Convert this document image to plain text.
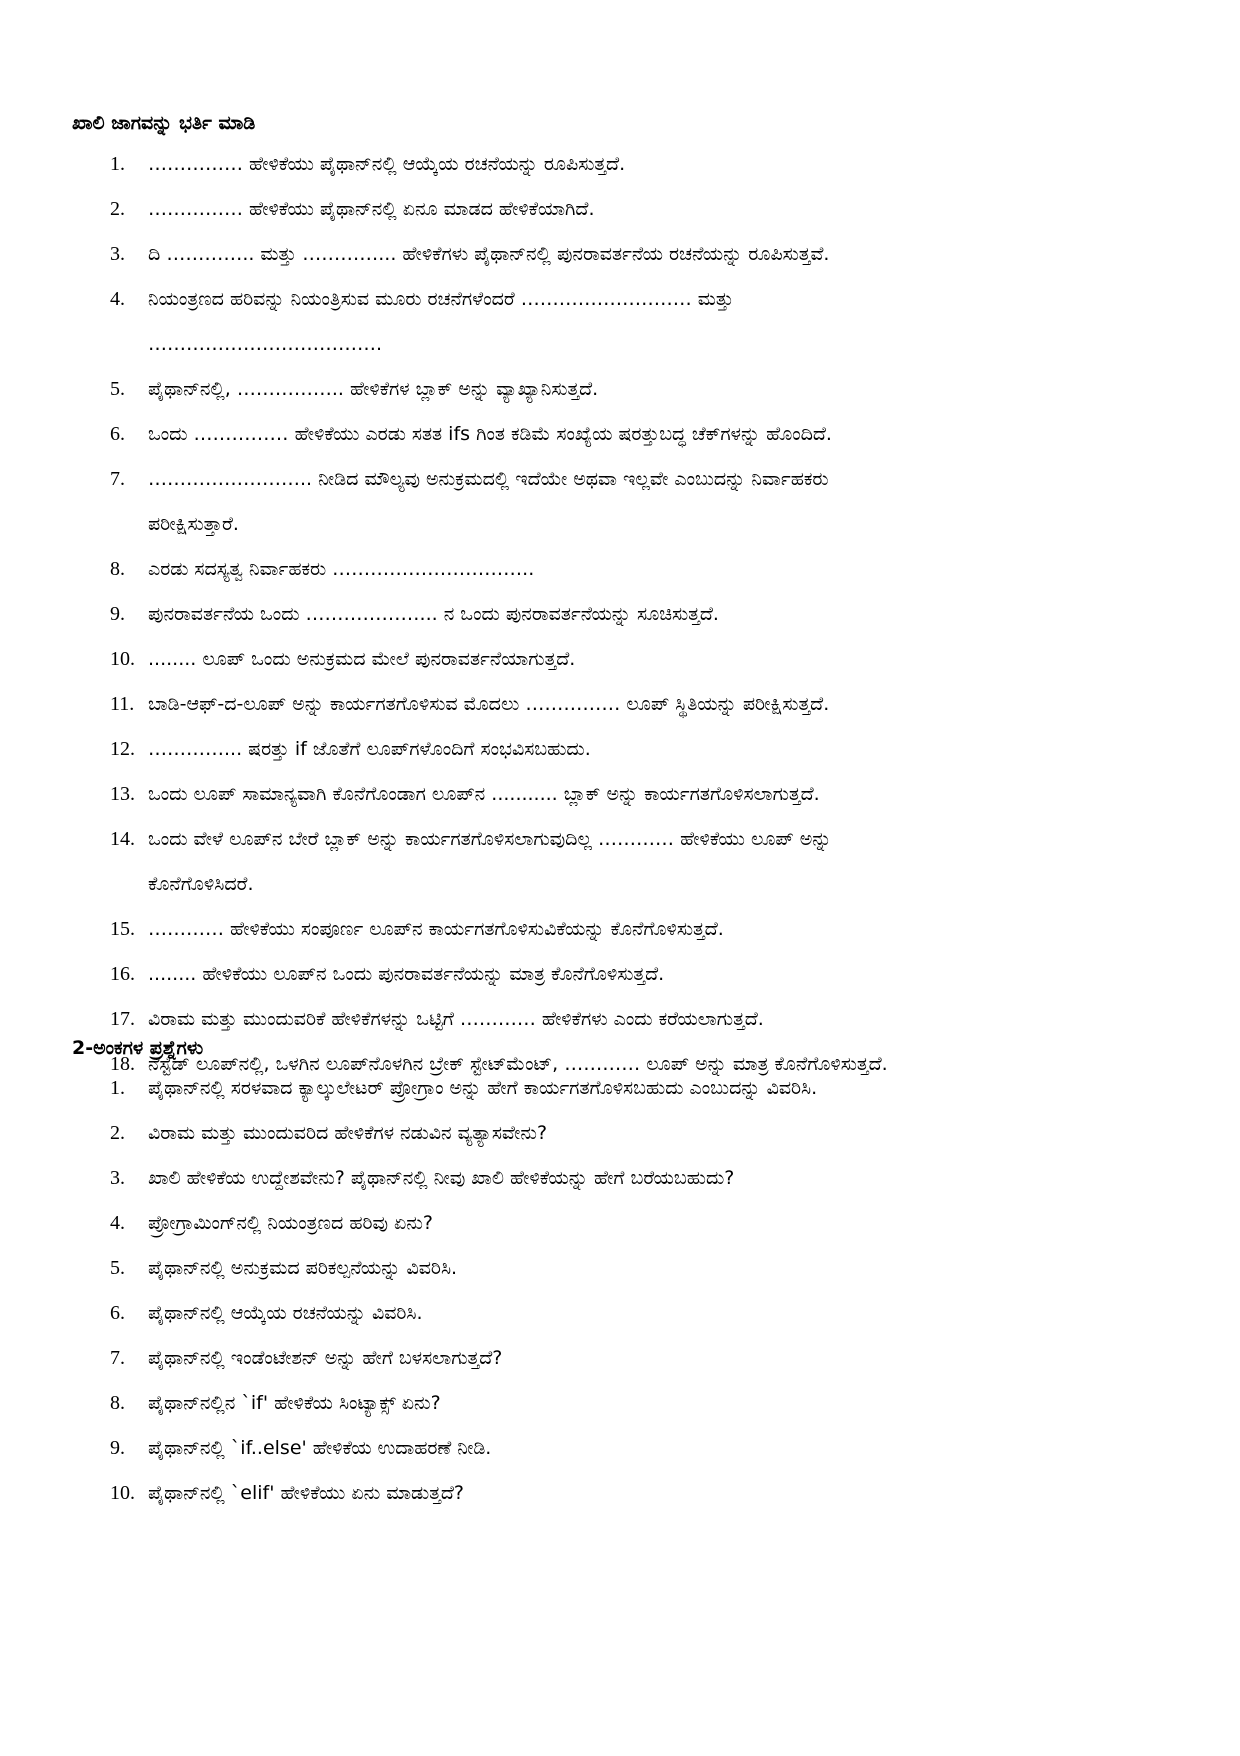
ಖಾಲಿ ಜಾಗವನ್ನು ಭರ್ತಿ ಮಾಡಿ
1.	…………… ಹೇಳಿಕೆಯು ಪೈಥಾನ್‌ನಲ್ಲಿ ಆಯ್ಕೆಯ ರಚನೆಯನ್ನು ರೂಪಿಸುತ್ತದೆ.
2.	…………… ಹೇಳಿಕೆಯು ಪೈಥಾನ್‌ನಲ್ಲಿ ಏನೂ ಮಾಡದ ಹೇಳಿಕೆಯಾಗಿದೆ.
3.	ದಿ ………….. ಮತ್ತು …………... ಹೇಳಿಕೆಗಳು ಪೈಥಾನ್‌ನಲ್ಲಿ ಪುನರಾವರ್ತನೆಯ ರಚನೆಯನ್ನು ರೂಪಿಸುತ್ತವೆ.
4.	ನಿಯಂತ್ರಣದ ಹರಿವನ್ನು ನಿಯಂತ್ರಿಸುವ ಮೂರು ರಚನೆಗಳೆಂದರೆ ……………………… ಮತ್ತು
……………………………….
5.	ಪೈಥಾನ್‌ನಲ್ಲಿ, …………….. ಹೇಳಿಕೆಗಳ ಬ್ಲಾಕ್ ಅನ್ನು ವ್ಯಾಖ್ಯಾನಿಸುತ್ತದೆ.
6.	ಒಂದು …………… ಹೇಳಿಕೆಯು ಎರಡು ಸತತ ifs ಗಿಂತ ಕಡಿಮೆ ಸಂಖ್ಯೆಯ ಷರತ್ತುಬದ್ಧ ಚೆಕ್‌ಗಳನ್ನು ಹೊಂದಿದೆ.
7.	…………………….. ನೀಡಿದ ಮೌಲ್ಯವು ಅನುಕ್ರಮದಲ್ಲಿ ಇದೆಯೇ ಅಥವಾ ಇಲ್ಲವೇ ಎಂಬುದನ್ನು ನಿರ್ವಾಹಕರು
ಪರೀಕ್ಷಿಸುತ್ತಾರೆ.
8.	ಎರಡು ಸದಸ್ಯತ್ವ ನಿರ್ವಾಹಕರು …………………………..
9.	ಪುನರಾವರ್ತನೆಯ ಒಂದು ………………... ನ ಒಂದು ಪುನರಾವರ್ತನೆಯನ್ನು ಸೂಚಿಸುತ್ತದೆ.
10. ........ ಲೂಪ್ ಒಂದು ಅನುಕ್ರಮದ ಮೇಲೆ ಪುನರಾವರ್ತನೆಯಾಗುತ್ತದೆ.
11. ಬಾಡಿ-ಆಫ್-ದ-ಲೂಪ್ ಅನ್ನು ಕಾರ್ಯಗತಗೊಳಿಸುವ ಮೊದಲು …………… ಲೂಪ್ ಸ್ಥಿತಿಯನ್ನು ಪರೀಕ್ಷಿಸುತ್ತದೆ.
12. …………... ಷರತ್ತು if ಜೊತೆಗೆ ಲೂಪ್‌ಗಳೊಂದಿಗೆ ಸಂಭವಿಸಬಹುದು.
13. ಒಂದು ಲೂಪ್ ಸಾಮಾನ್ಯವಾಗಿ ಕೊನೆಗೊಂಡಾಗ ಲೂಪ್‌ನ ........... ಬ್ಲಾಕ್ ಅನ್ನು ಕಾರ್ಯಗತಗೊಳಿಸಲಾಗುತ್ತದೆ.
14. ಒಂದು ವೇಳೆ ಲೂಪ್‌ನ ಬೇರೆ ಬ್ಲಾಕ್ ಅನ್ನು ಕಾರ್ಯಗತಗೊಳಿಸಲಾಗುವುದಿಲ್ಲ ………… ಹೇಳಿಕೆಯು ಲೂಪ್ ಅನ್ನು
ಕೊನೆಗೊಳಿಸಿದರೆ.
15. ………… ಹೇಳಿಕೆಯು ಸಂಪೂರ್ಣ ಲೂಪ್‌ನ ಕಾರ್ಯಗತಗೊಳಿಸುವಿಕೆಯನ್ನು ಕೊನೆಗೊಳಿಸುತ್ತದೆ.
16. ........ ಹೇಳಿಕೆಯು ಲೂಪ್‌ನ ಒಂದು ಪುನರಾವರ್ತನೆಯನ್ನು ಮಾತ್ರ ಕೊನೆಗೊಳಿಸುತ್ತದೆ.
17. ವಿರಾಮ ಮತ್ತು ಮುಂದುವರಿಕೆ ಹೇಳಿಕೆಗಳನ್ನು ಒಟ್ಟಿಗೆ ………… ಹೇಳಿಕೆಗಳು ಎಂದು ಕರೆಯಲಾಗುತ್ತದೆ.
18. ನೆಸ್ಟೆಡ್ ಲೂಪ್‌ನಲ್ಲಿ, ಒಳಗಿನ ಲೂಪ್‌ನೊಳಗಿನ ಬ್ರೇಕ್ ಸ್ಟೇಟ್‌ಮೆಂಟ್, ………… ಲೂಪ್ ಅನ್ನು ಮಾತ್ರ ಕೊನೆಗೊಳಿಸುತ್ತದೆ.
2-ಅಂಕಗಳ ಪ್ರಶ್ನೆಗಳು
1.	ಪೈಥಾನ್‌ನಲ್ಲಿ ಸರಳವಾದ ಕ್ಯಾಲ್ಕುಲೇಟರ್ ಪ್ರೋಗ್ರಾಂ ಅನ್ನು ಹೇಗೆ ಕಾರ್ಯಗತಗೊಳಿಸಬಹುದು ಎಂಬುದನ್ನು ವಿವರಿಸಿ.
2.	ವಿರಾಮ ಮತ್ತು ಮುಂದುವರಿದ ಹೇಳಿಕೆಗಳ ನಡುವಿನ ವ್ಯತ್ಯಾಸವೇನು?
3.	ಖಾಲಿ ಹೇಳಿಕೆಯ ಉದ್ದೇಶವೇನು? ಪೈಥಾನ್‌ನಲ್ಲಿ ನೀವು ಖಾಲಿ ಹೇಳಿಕೆಯನ್ನು ಹೇಗೆ ಬರೆಯಬಹುದು?
4.	ಪ್ರೋಗ್ರಾಮಿಂಗ್‌ನಲ್ಲಿ ನಿಯಂತ್ರಣದ ಹರಿವು ಏನು?
5.	ಪೈಥಾನ್‌ನಲ್ಲಿ ಅನುಕ್ರಮದ ಪರಿಕಲ್ಪನೆಯನ್ನು ವಿವರಿಸಿ.
6.	ಪೈಥಾನ್‌ನಲ್ಲಿ ಆಯ್ಕೆಯ ರಚನೆಯನ್ನು ವಿವರಿಸಿ.
7.	ಪೈಥಾನ್‌ನಲ್ಲಿ ಇಂಡೆಂಟೇಶನ್ ಅನ್ನು ಹೇಗೆ ಬಳಸಲಾಗುತ್ತದೆ?
8.	ಪೈಥಾನ್‌ನಲ್ಲಿನ `if' ಹೇಳಿಕೆಯ ಸಿಂಟ್ಯಾಕ್ಸ್ ಏನು?
9.	ಪೈಥಾನ್‌ನಲ್ಲಿ `if..else' ಹೇಳಿಕೆಯ ಉದಾಹರಣೆ ನೀಡಿ.
10. ಪೈಥಾನ್‌ನಲ್ಲಿ `elif' ಹೇಳಿಕೆಯು ಏನು ಮಾಡುತ್ತದೆ?
